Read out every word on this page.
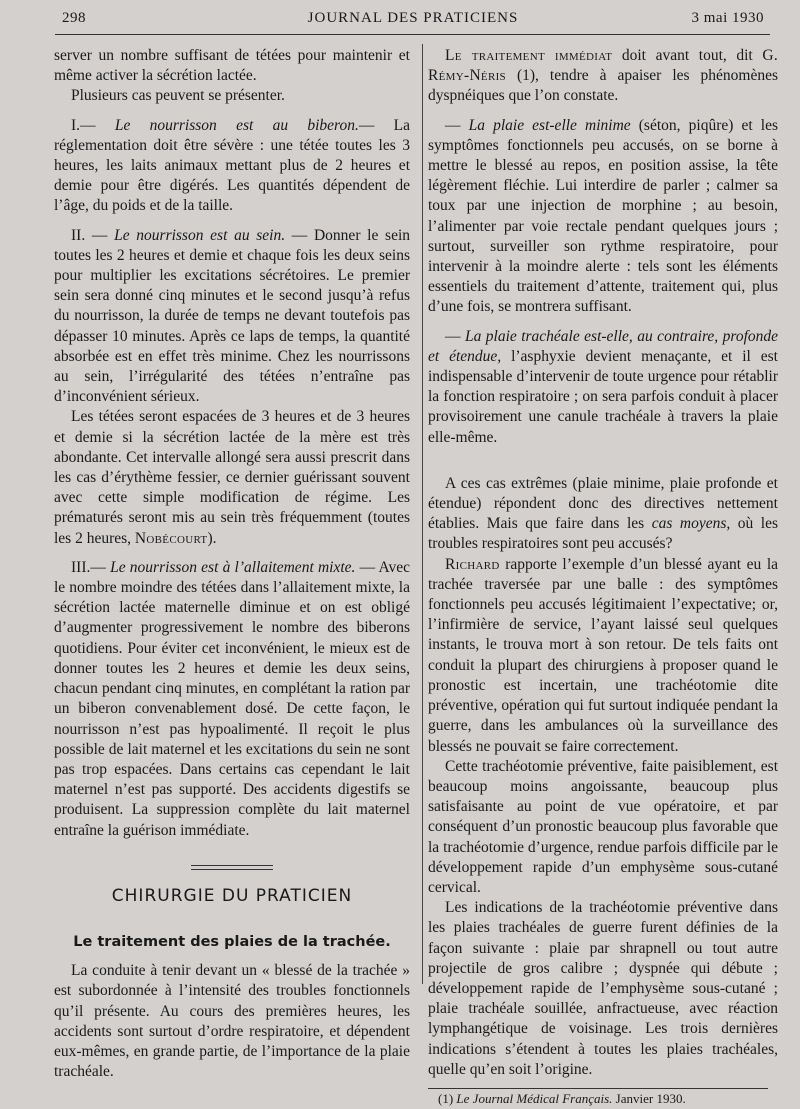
298	JOURNAL DES PRATICIENS	3 mai 1930

server un nombre suffisant de tétées pour maintenir et même activer la sécrétion lactée.

Plusieurs cas peuvent se présenter.

I.— Le nourrisson est au biberon.— La réglementation doit être sévère : une tétée toutes les 3 heures, les laits animaux mettant plus de 2 heures et demie pour être digérés. Les quantités dépendent de l’âge, du poids et de la taille.

II. — Le nourrisson est au sein. — Donner le sein toutes les 2 heures et demie et chaque fois les deux seins pour multiplier les excitations sécrétoires. Le premier sein sera donné cinq minutes et le second jusqu’à refus du nourrisson, la durée de temps ne devant toutefois pas dépasser 10 minutes. Après ce laps de temps, la quantité absorbée est en effet très minime. Chez les nourrissons au sein, l’irrégularité des tétées n’entraîne pas d’inconvénient sérieux.

Les tétées seront espacées de 3 heures et de 3 heures et demie si la sécrétion lactée de la mère est très abondante. Cet intervalle allongé sera aussi prescrit dans les cas d’érythème fessier, ce dernier guérissant souvent avec cette simple modification de régime. Les prématurés seront mis au sein très fréquemment (toutes les 2 heures, Nobécourt).

III.— Le nourrisson est à l’allaitement mixte. — Avec le nombre moindre des tétées dans l’allaitement mixte, la sécrétion lactée maternelle diminue et on est obligé d’augmenter progressivement le nombre des biberons quotidiens. Pour éviter cet inconvénient, le mieux est de donner toutes les 2 heures et demie les deux seins, chacun pendant cinq minutes, en complétant la ration par un biberon convenablement dosé. De cette façon, le nourrisson n’est pas hypoalimenté. Il reçoit le plus possible de lait maternel et les excitations du sein ne sont pas trop espacées. Dans certains cas cependant le lait maternel n’est pas supporté. Des accidents digestifs se produisent. La suppression complète du lait maternel entraîne la guérison immédiate.

CHIRURGIE DU PRATICIEN
Le traitement des plaies de la trachée.

La conduite à tenir devant un « blessé de la trachée » est subordonnée à l’intensité des troubles fonctionnels qu’il présente. Au cours des premières heures, les accidents sont surtout d’ordre respiratoire, et dépendent eux-mêmes, en grande partie, de l’importance de la plaie trachéale.

Le traitement immédiat doit avant tout, dit G. Rémy-Néris (1), tendre à apaiser les phénomènes dyspnéiques que l’on constate.

— La plaie est-elle minime (séton, piqûre) et les symptômes fonctionnels peu accusés, on se borne à mettre le blessé au repos, en position assise, la tête légèrement fléchie. Lui interdire de parler ; calmer sa toux par une injection de morphine ; au besoin, l’alimenter par voie rectale pendant quelques jours ; surtout, surveiller son rythme respiratoire, pour intervenir à la moindre alerte : tels sont les éléments essentiels du traitement d’attente, traitement qui, plus d’une fois, se montrera suffisant.

— La plaie trachéale est-elle, au contraire, profonde et étendue, l’asphyxie devient menaçante, et il est indispensable d’intervenir de toute urgence pour rétablir la fonction respiratoire ; on sera parfois conduit à placer provisoirement une canule trachéale à travers la plaie elle-même.

A ces cas extrêmes (plaie minime, plaie profonde et étendue) répondent donc des directives nettement établies. Mais que faire dans les cas moyens, où les troubles respiratoires sont peu accusés?

Richard rapporte l’exemple d’un blessé ayant eu la trachée traversée par une balle : des symptômes fonctionnels peu accusés légitimaient l’expectative; or, l’infirmière de service, l’ayant laissé seul quelques instants, le trouva mort à son retour. De tels faits ont conduit la plupart des chirurgiens à proposer quand le pronostic est incertain, une trachéotomie dite préventive, opération qui fut surtout indiquée pendant la guerre, dans les ambulances où la surveillance des blessés ne pouvait se faire correctement.

Cette trachéotomie préventive, faite paisiblement, est beaucoup moins angoissante, beaucoup plus satisfaisante au point de vue opératoire, et par conséquent d’un pronostic beaucoup plus favorable que la trachéotomie d’urgence, rendue parfois difficile par le développement rapide d’un emphysème sous-cutané cervical.

Les indications de la trachéotomie préventive dans les plaies trachéales de guerre furent définies de la façon suivante : plaie par shrapnell ou tout autre projectile de gros calibre ; dyspnée qui débute ; développement rapide de l’emphysème sous-cutané ; plaie trachéale souillée, anfractueuse, avec réaction lymphangétique de voisinage. Les trois dernières indications s’étendent à toutes les plaies trachéales, quelle qu’en soit l’origine.

(1) Le Journal Médical Français. Janvier 1930.
